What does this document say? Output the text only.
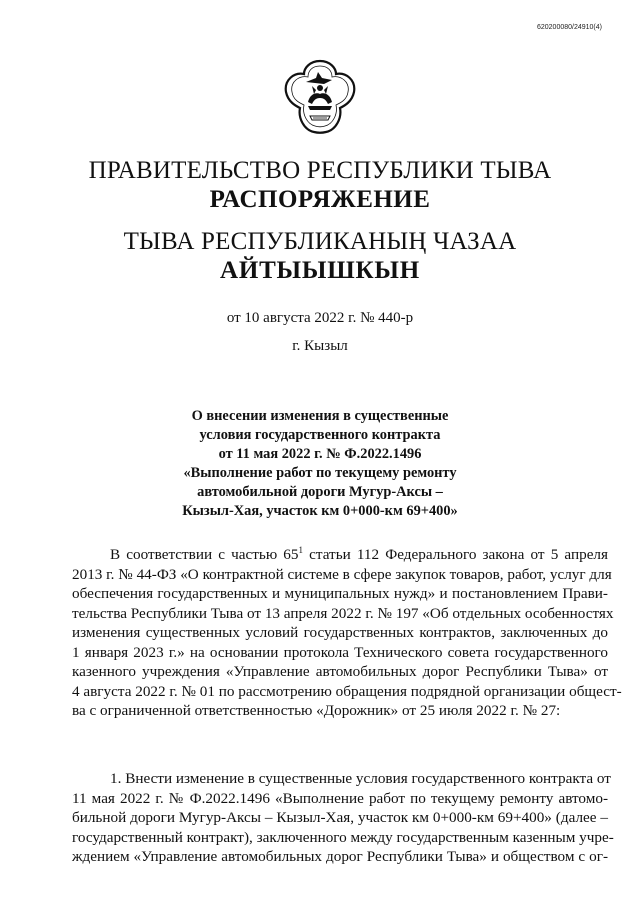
620200080/24910(4)
ПРАВИТЕЛЬСТВО РЕСПУБЛИКИ ТЫВА
РАСПОРЯЖЕНИЕ
ТЫВА РЕСПУБЛИКАНЫҢ ЧАЗАА
АЙТЫЫШКЫН
от 10 августа 2022 г. № 440-р
г. Кызыл
О внесении изменения в существенные
условия государственного контракта
от 11 мая 2022 г. № Ф.2022.1496
«Выполнение работ по текущему ремонту
автомобильной дороги Мугур-Аксы –
Кызыл-Хая, участок км 0+000-км 69+400»
В соответствии с частью $65^1$ статьи 112 Федерального закона от 5 апреля
2013 г. № 44-ФЗ «О контрактной системе в сфере закупок товаров, работ, услуг для
обеспечения государственных и муниципальных нужд» и постановлением Прави-
тельства Республики Тыва от 13 апреля 2022 г. № 197 «Об отдельных особенностях
изменения существенных условий государственных контрактов, заключенных до
1 января 2023 г.» на основании протокола Технического совета государственного
казенного учреждения «Управление автомобильных дорог Республики Тыва» от
4 августа 2022 г. № 01 по рассмотрению обращения подрядной организации общест-
ва с ограниченной ответственностью «Дорожник» от 25 июля 2022 г. № 27:
1. Внести изменение в существенные условия государственного контракта от
11 мая 2022 г. № Ф.2022.1496 «Выполнение работ по текущему ремонту автомо-
бильной дороги Мугур-Аксы – Кызыл-Хая, участок км 0+000-км 69+400» (далее –
государственный контракт), заключенного между государственным казенным учре-
ждением «Управление автомобильных дорог Республики Тыва» и обществом с ог-
